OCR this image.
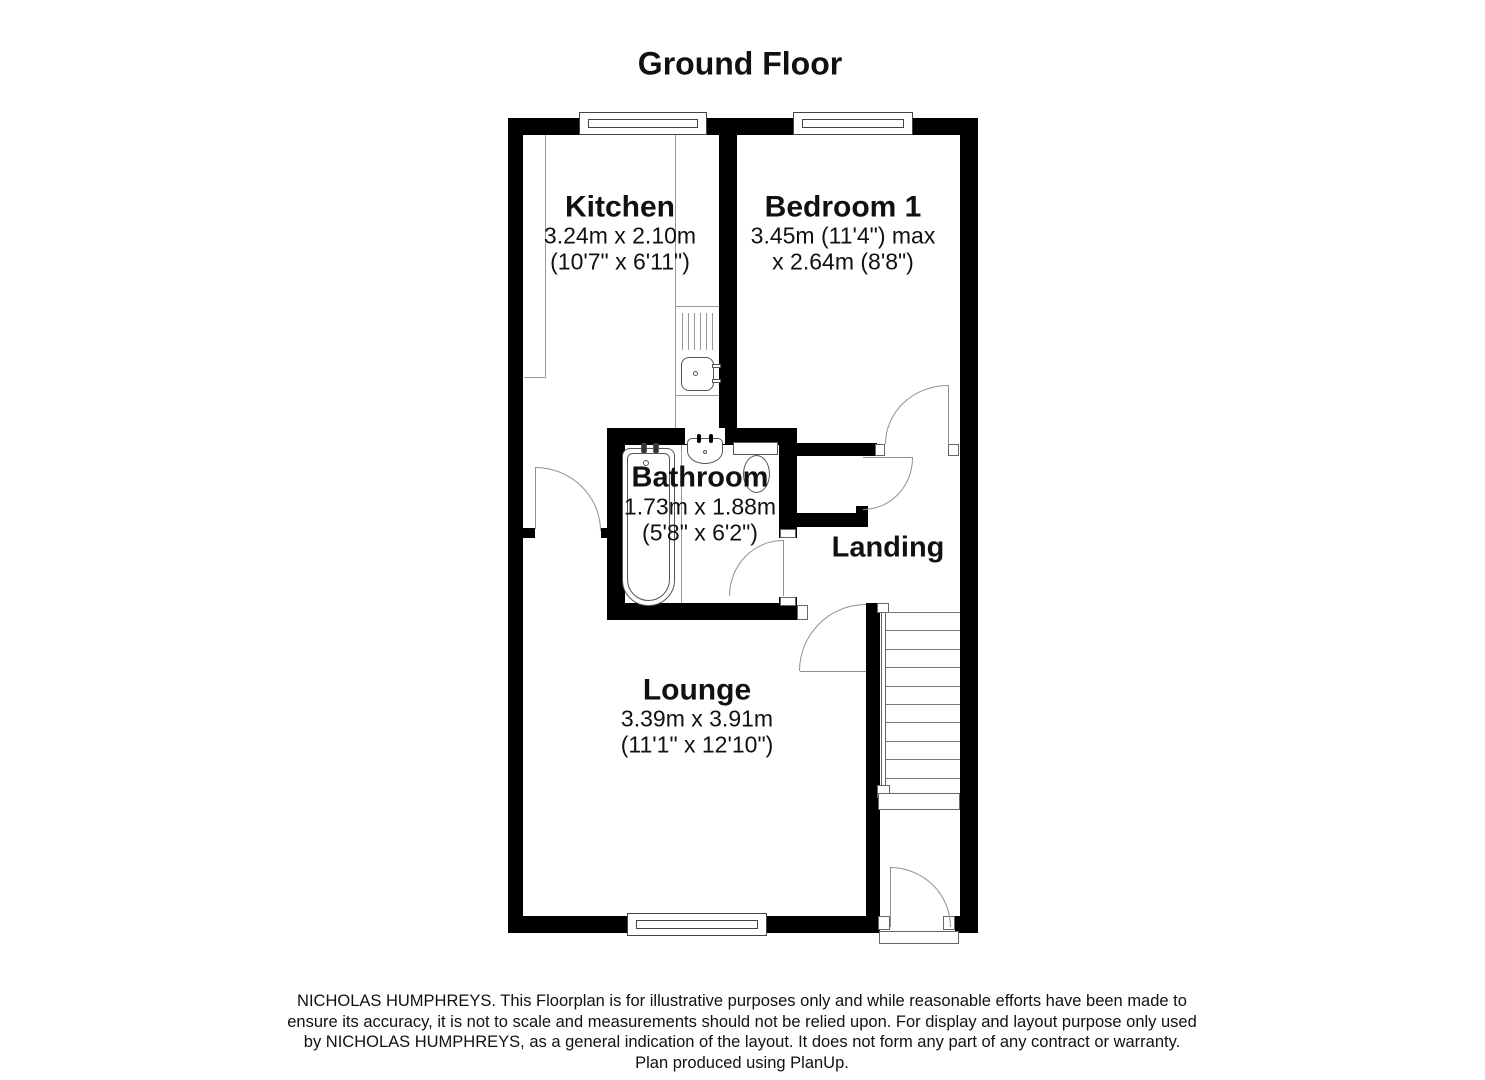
Ground Floor
Kitchen
3.24m x 2.10m
(10'7" x 6'11")
Bedroom 1
3.45m (11'4") max
x 2.64m (8'8")
Bathroom
1.73m x 1.88m
(5'8" x 6'2")	Landing
Lounge
3.39m x 3.91m
(11'1" x 12'10")
NICHOLAS HUMPHREYS. This Floorplan is for illustrative purposes only and while reasonable efforts have been made to
ensure its accuracy, it is not to scale and measurements should not be relied upon. For display and layout purpose only used
by NICHOLAS HUMPHREYS, as a general indication of the layout. It does not form any part of any contract or warranty.
Plan produced using PlanUp.
